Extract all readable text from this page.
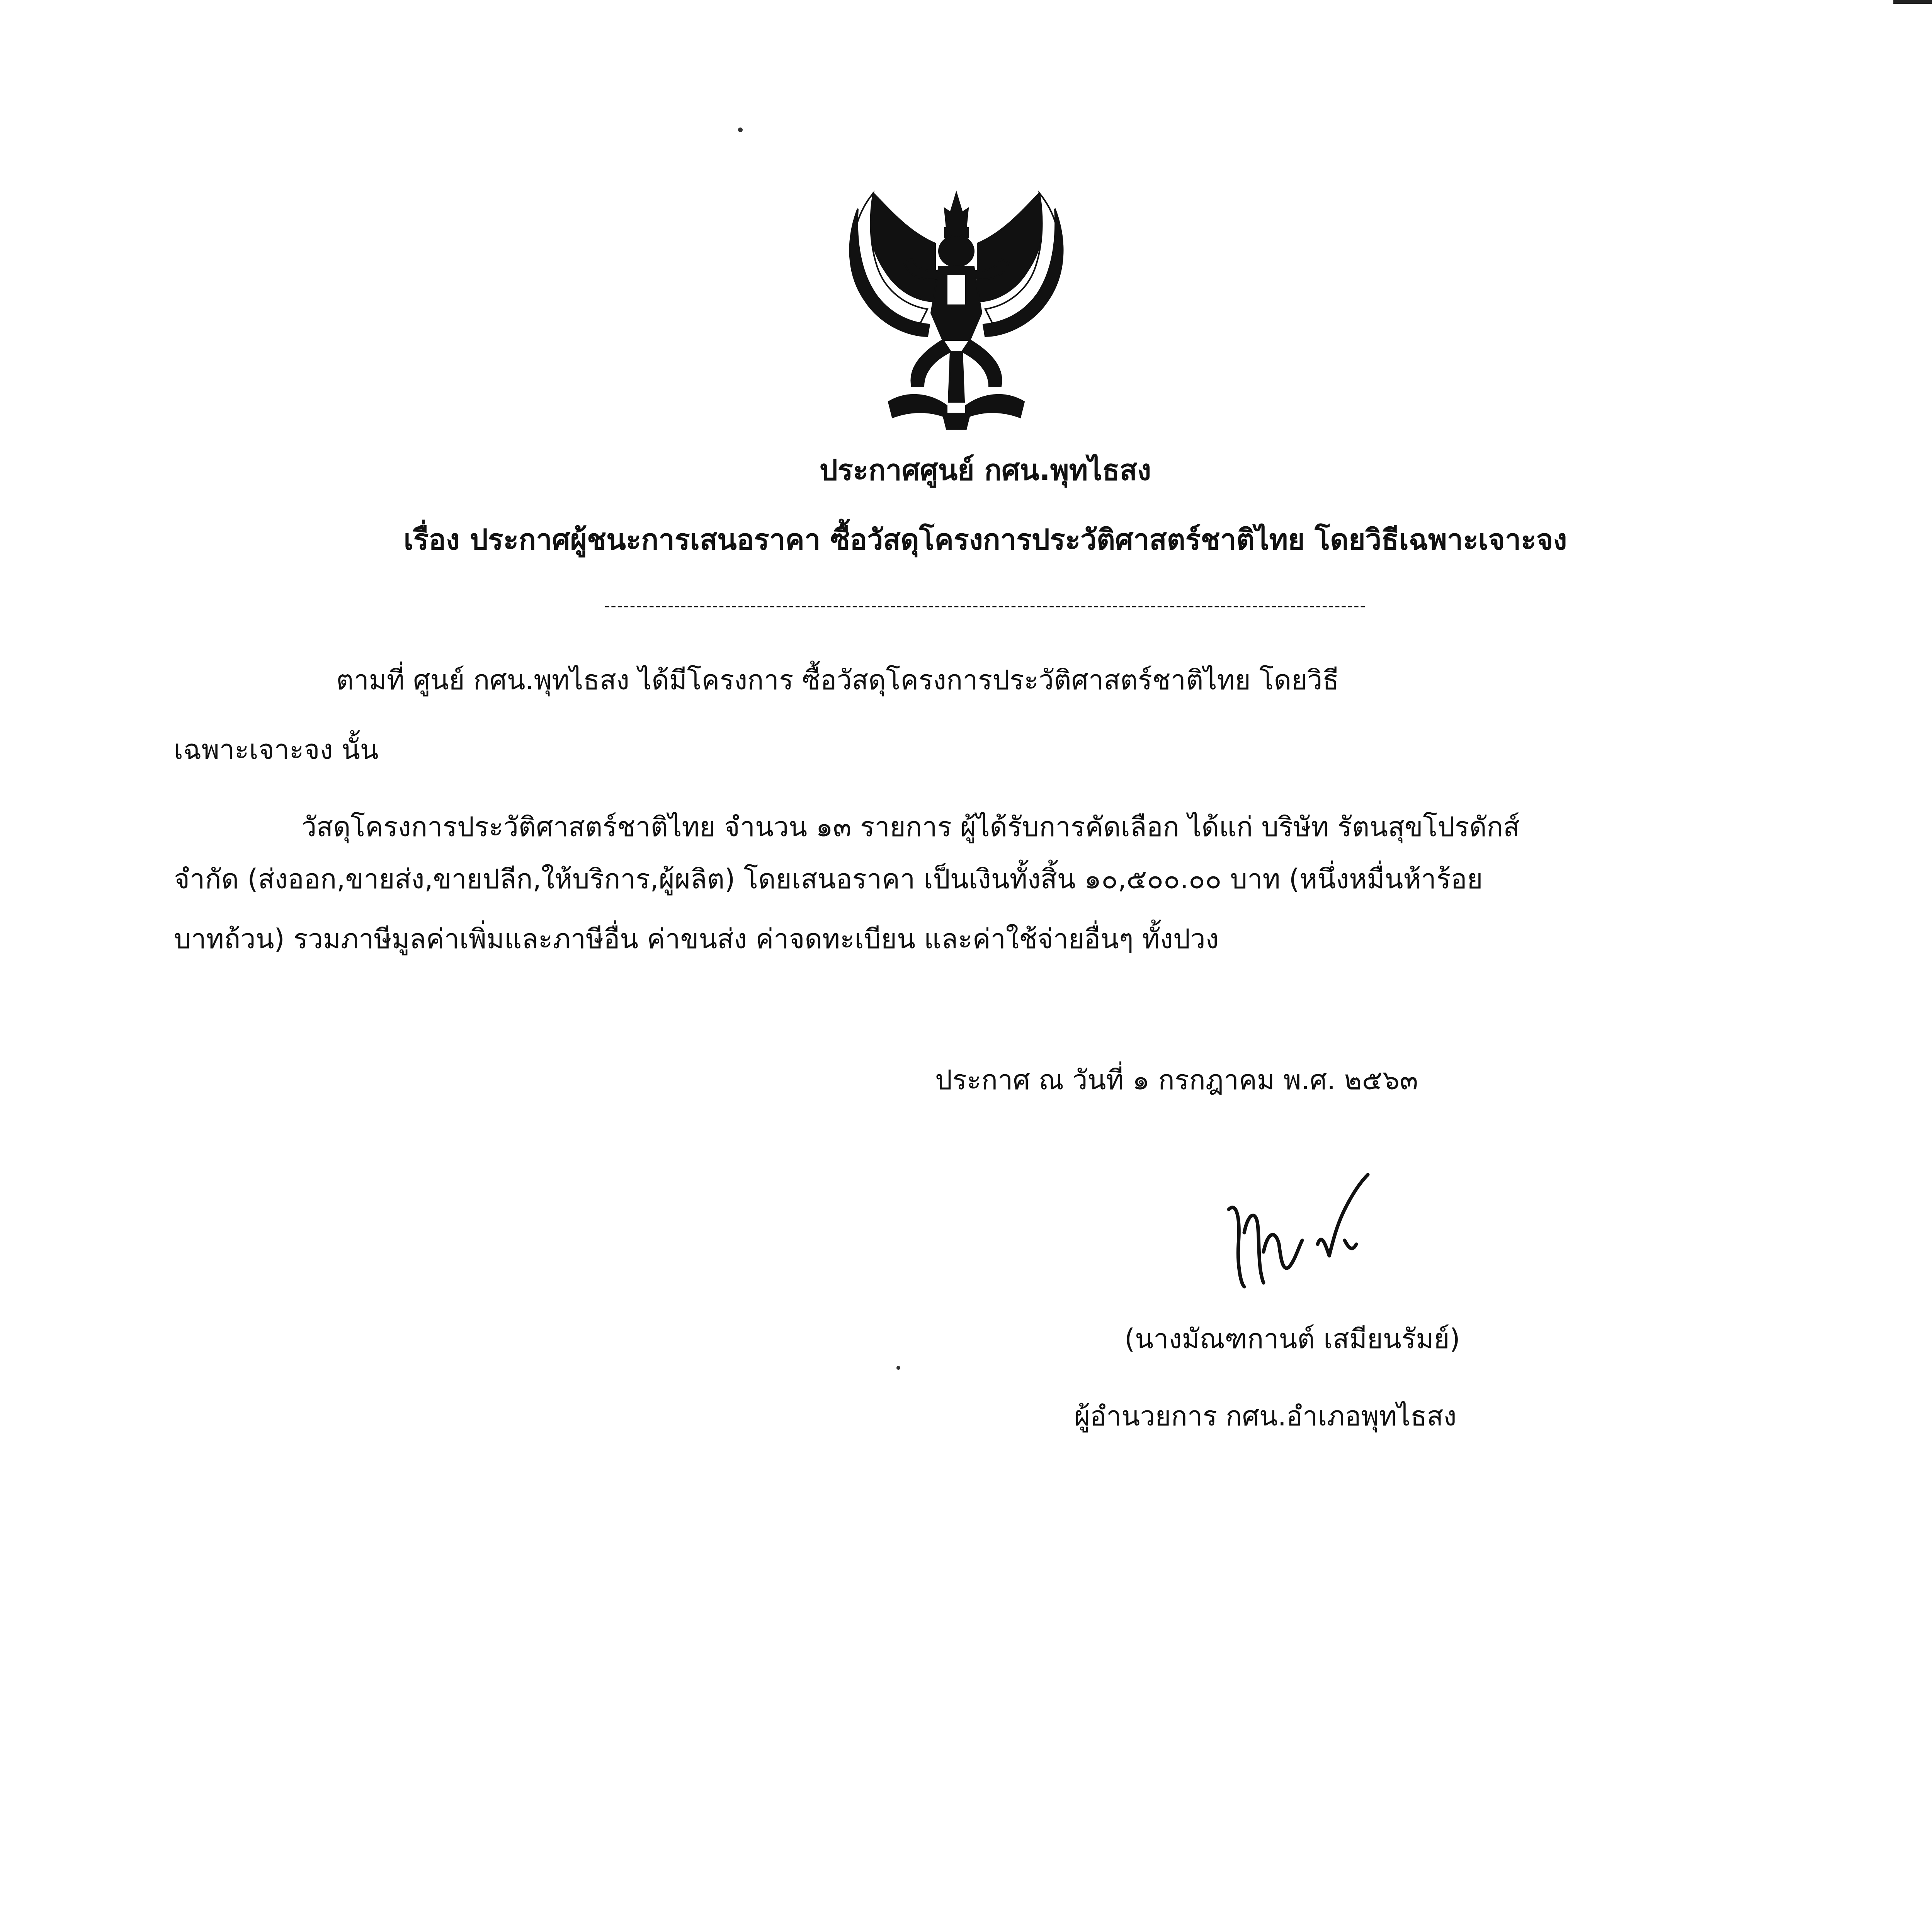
ประกาศศูนย์ กศน.พุทไธสง
เรื่อง ประกาศผู้ชนะการเสนอราคา ซื้อวัสดุโครงการประวัติศาสตร์ชาติไทย โดยวิธีเฉพาะเจาะจง
------------------------------------------------------------------------------------------------------------------------
ตามที่ ศูนย์ กศน.พุทไธสง ได้มีโครงการ ซื้อวัสดุโครงการประวัติศาสตร์ชาติไทย โดยวิธี
เฉพาะเจาะจง นั้น
วัสดุโครงการประวัติศาสตร์ชาติไทย จำนวน ๑๓ รายการ ผู้ได้รับการคัดเลือก ได้แก่ บริษัท รัตนสุขโปรดักส์
จำกัด (ส่งออก,ขายส่ง,ขายปลีก,ให้บริการ,ผู้ผลิต) โดยเสนอราคา เป็นเงินทั้งสิ้น ๑๐,๕๐๐.๐๐ บาท (หนึ่งหมื่นห้าร้อย
บาทถ้วน) รวมภาษีมูลค่าเพิ่มและภาษีอื่น ค่าขนส่ง ค่าจดทะเบียน และค่าใช้จ่ายอื่นๆ ทั้งปวง
ประกาศ ณ วันที่ ๑ กรกฎาคม พ.ศ. ๒๕๖๓
(นางมัณฑกานต์ เสมียนรัมย์)
ผู้อำนวยการ กศน.อำเภอพุทไธสง
